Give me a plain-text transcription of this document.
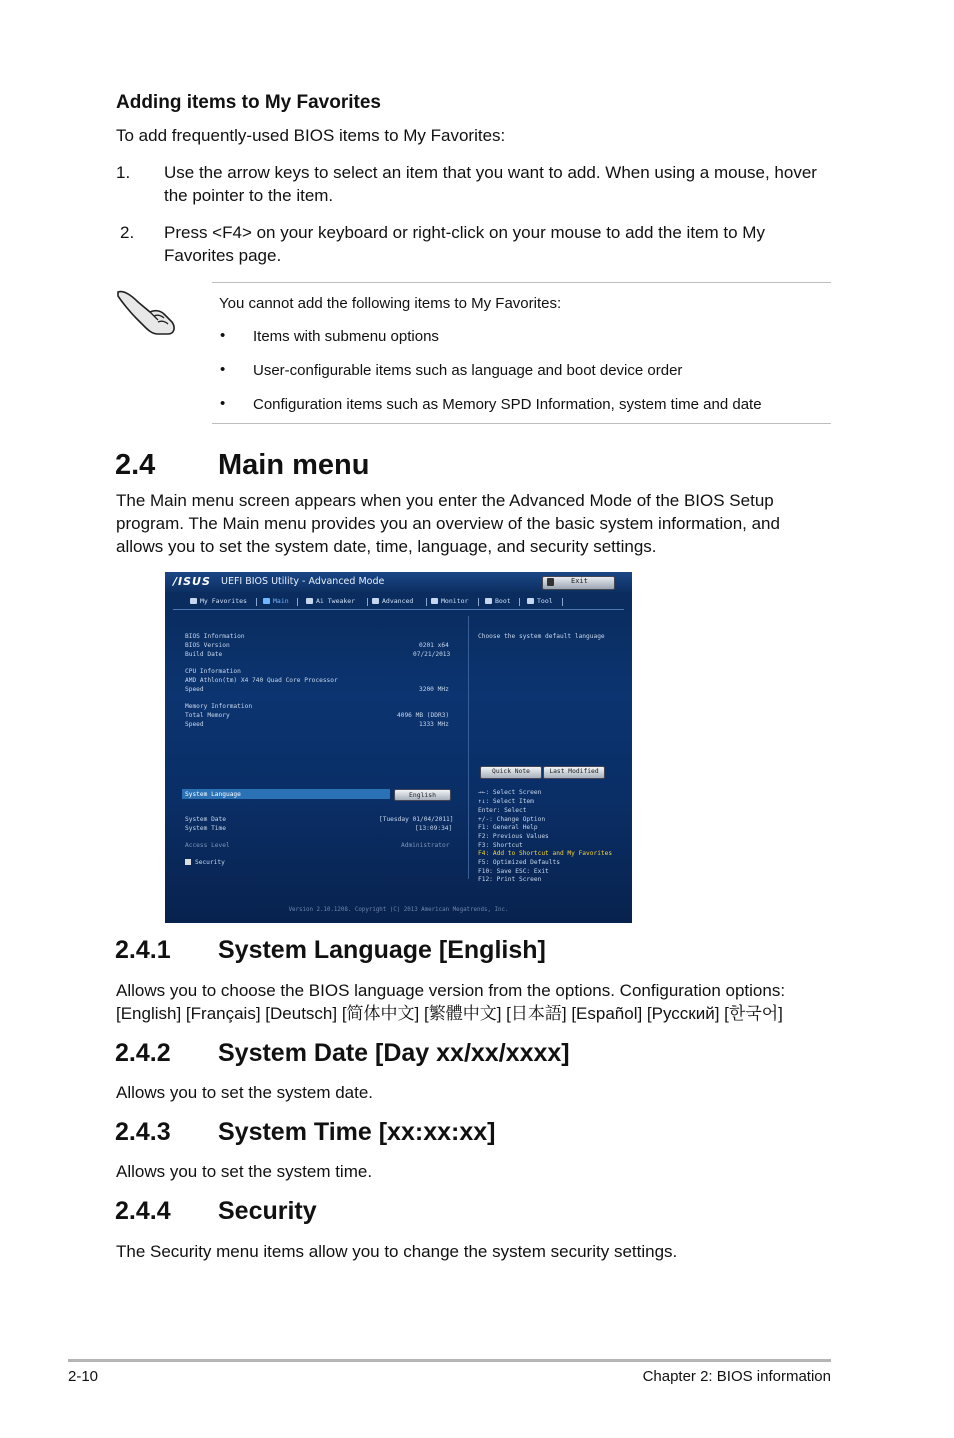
Adding items to My Favorites
To add frequently-used BIOS items to My Favorites:
1. Use the arrow keys to select an item that you want to add. When using a mouse, hover
the pointer to the item.
2. Press <F4> on your keyboard or right-click on your mouse to add the item to My
Favorites page.
You cannot add the following items to My Favorites:
• Items with submenu options
• User-configurable items such as language and boot device order
• Configuration items such as Memory SPD Information, system time and date
2.4 Main menu
The Main menu screen appears when you enter the Advanced Mode of the BIOS Setup
program. The Main menu provides you an overview of the basic system information, and
allows you to set the system date, time, language, and security settings.
/ISUS UEFI BIOS Utility - Advanced Mode	Exit
My Favorites	Main	Ai Tweaker	Advanced	Monitor	Boot	Tool
BIOS Information
BIOS Version	0201 x64
Build Date	07/21/2013
CPU Information
AMD Athlon(tm) X4 740 Quad Core Processor
Speed	3200 MHz
Memory Information
Total Memory	4096 MB (DDR3)
Speed	1333 MHz
System Language	English
System Date	[Tuesday 01/04/2011]
System Time	[13:09:34]
Access Level	Administrator
Security
Choose the system default language
Quick Note	Last Modified
→←: Select Screen
↑↓: Select Item
Enter: Select
+/-: Change Option
F1: General Help
F2: Previous Values
F3: Shortcut
F4: Add to Shortcut and My Favorites
F5: Optimized Defaults
F10: Save ESC: Exit
F12: Print Screen
Version 2.10.1208. Copyright (C) 2013 American Megatrends, Inc.
2.4.1 System Language [English]
Allows you to choose the BIOS language version from the options. Configuration options:
[English] [Français] [Deutsch] [简体中文] [繁體中文] [日本語] [Español] [Русский] [한국어]
2.4.2 System Date [Day xx/xx/xxxx]
Allows you to set the system date.
2.4.3 System Time [xx:xx:xx]
Allows you to set the system time.
2.4.4 Security
The Security menu items allow you to change the system security settings.
2-10	Chapter 2: BIOS information
